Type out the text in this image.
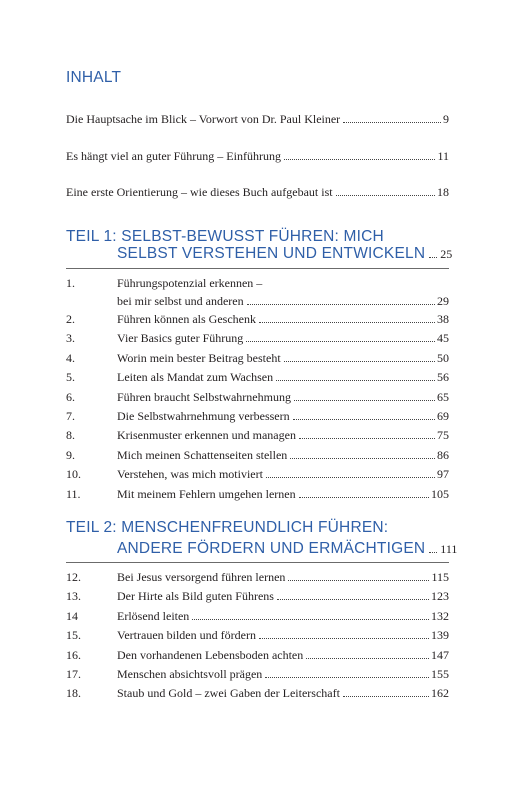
INHALT
Die Hauptsache im Blick – Vorwort von Dr. Paul Kleiner	9
Es hängt viel an guter Führung – Einführung	11
Eine erste Orientierung – wie dieses Buch aufgebaut ist	18
TEIL 1: SELBST-BEWUSST FÜHREN: MICH
SELBST VERSTEHEN UND ENTWICKELN 25
1.	Führungspotenzial erkennen –
bei mir selbst und anderen	29
2.	Führen können als Geschenk	38
3.	Vier Basics guter Führung	45
4.	Worin mein bester Beitrag besteht	50
5.	Leiten als Mandat zum Wachsen	56
6.	Führen braucht Selbstwahrnehmung	65
7.	Die Selbstwahrnehmung verbessern	69
8.	Krisenmuster erkennen und managen	75
9.	Mich meinen Schattenseiten stellen	86
10.	Verstehen, was mich motiviert	97
11.	Mit meinem Fehlern umgehen lernen	105
TEIL 2: MENSCHENFREUNDLICH FÜHREN:
ANDERE FÖRDERN UND ERMÄCHTIGEN 111
12.	Bei Jesus versorgend führen lernen	115
13.	Der Hirte als Bild guten Führens	123
14	Erlösend leiten	132
15.	Vertrauen bilden und fördern	139
16.	Den vorhandenen Lebensboden achten	147
17.	Menschen absichtsvoll prägen	155
18.	Staub und Gold – zwei Gaben der Leiterschaft	162
